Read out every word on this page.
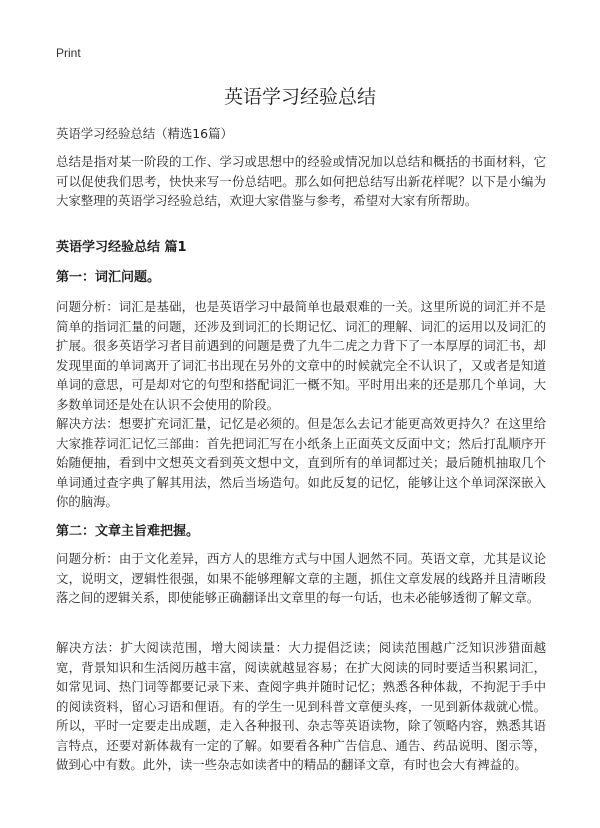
Print
英语学习经验总结

英语学习经验总结（精选16篇）

总结是指对某一阶段的工作、学习或思想中的经验或情况加以总结和概括的书面材料，它可以促使我们思考，快快来写一份总结吧。那么如何把总结写出新花样呢？以下是小编为大家整理的英语学习经验总结，欢迎大家借鉴与参考，希望对大家有所帮助。

英语学习经验总结 篇1

第一：词汇问题。

问题分析：词汇是基础，也是英语学习中最简单也最艰难的一关。这里所说的词汇并不是简单的指词汇量的问题，还涉及到词汇的长期记忆、词汇的理解、词汇的运用以及词汇的扩展。很多英语学习者目前遇到的问题是费了九牛二虎之力背下了一本厚厚的词汇书，却发现里面的单词离开了词汇书出现在另外的文章中的时候就完全不认识了，又或者是知道单词的意思，可是却对它的句型和搭配词汇一概不知。平时用出来的还是那几个单词，大多数单词还是处在认识不会使用的阶段。

解决方法：想要扩充词汇量，记忆是必须的。但是怎么去记才能更高效更持久？在这里给大家推荐词汇记忆三部曲：首先把词汇写在小纸条上正面英文反面中文；然后打乱顺序开始随便抽，看到中文想英文看到英文想中文，直到所有的单词都过关；最后随机抽取几个单词通过查字典了解其用法，然后当场造句。如此反复的记忆，能够让这个单词深深嵌入你的脑海。

第二：文章主旨难把握。

问题分析：由于文化差异，西方人的思维方式与中国人迥然不同。英语文章，尤其是议论文，说明文，逻辑性很强，如果不能够理解文章的主题，抓住文章发展的线路并且清晰段落之间的逻辑关系，即使能够正确翻译出文章里的每一句话，也未必能够透彻了解文章。

解决方法：扩大阅读范围，增大阅读量：大力提倡泛读；阅读范围越广泛知识涉猎面越宽，背景知识和生活阅历越丰富，阅读就越显容易；在扩大阅读的同时要适当积累词汇，如常见词、热门词等都要记录下来、查阅字典并随时记忆；熟悉各种体裁，不拘泥于手中的阅读资料，留心习语和俚语。有的学生一见到科普文章便头疼，一见到新体裁就心慌。所以，平时一定要走出成题，走入各种报刊、杂志等英语读物，除了领略内容，熟悉其语言特点，还要对新体裁有一定的了解。如要看各种广告信息、通告、药品说明、图示等，做到心中有数。此外，读一些杂志如读者中的精品的翻译文章，有时也会大有裨益的。
